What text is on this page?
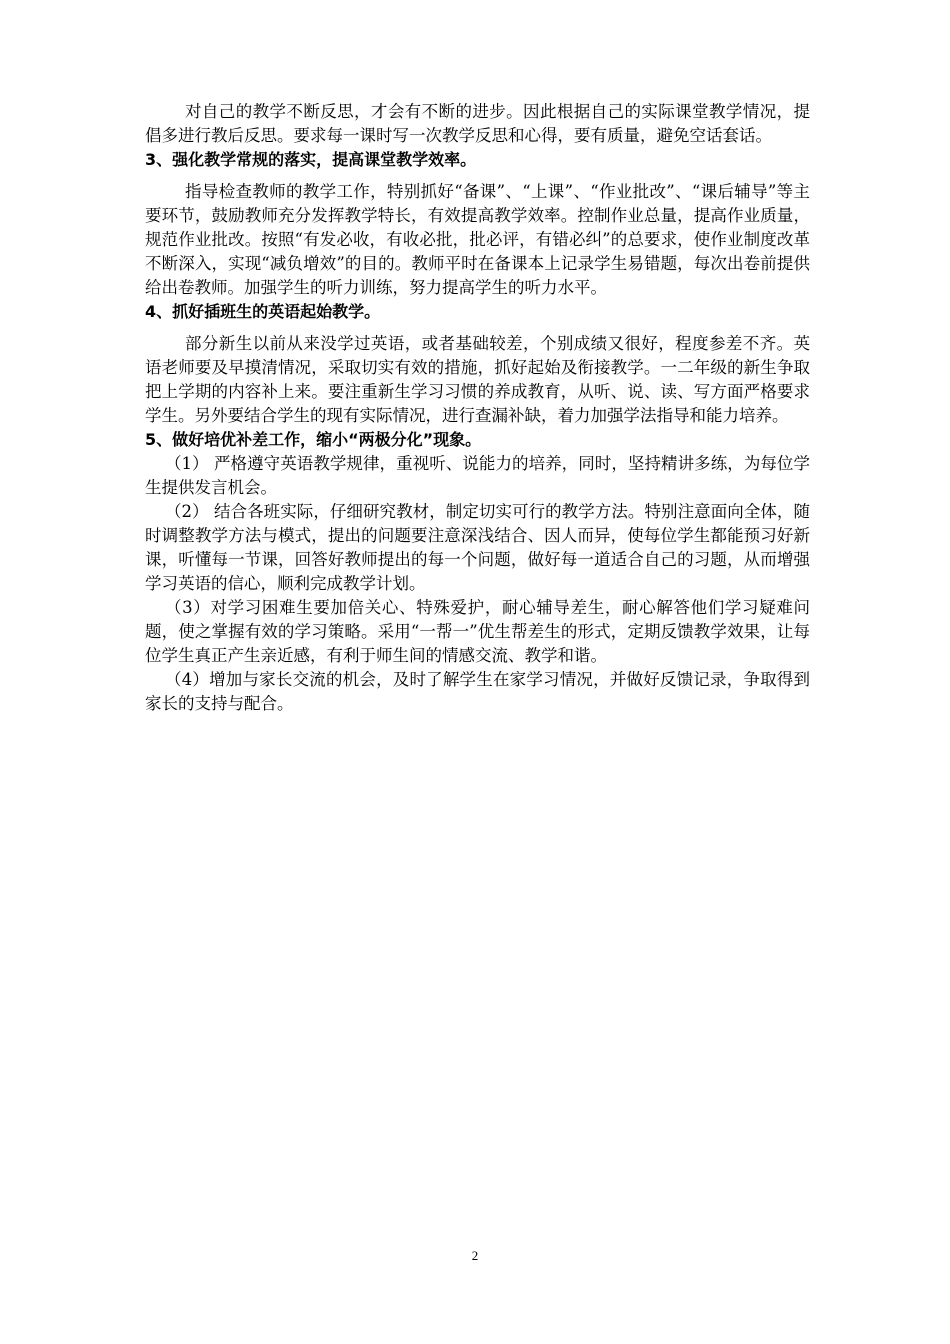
对自己的教学不断反思，才会有不断的进步。因此根据自己的实际课堂教学情况，提倡多进行教后反思。要求每一课时写一次教学反思和心得，要有质量，避免空话套话。

3、强化教学常规的落实，提高课堂教学效率。

指导检查教师的教学工作，特别抓好“备课”、“上课”、“作业批改”、“课后辅导”等主要环节，鼓励教师充分发挥教学特长，有效提高教学效率。控制作业总量，提高作业质量，规范作业批改。按照“有发必收，有收必批，批必评，有错必纠”的总要求，使作业制度改革不断深入，实现“减负增效”的目的。教师平时在备课本上记录学生易错题，每次出卷前提供给出卷教师。加强学生的听力训练，努力提高学生的听力水平。

4、抓好插班生的英语起始教学。

部分新生以前从来没学过英语，或者基础较差，个别成绩又很好，程度参差不齐。英语老师要及早摸清情况，采取切实有效的措施，抓好起始及衔接教学。一二年级的新生争取把上学期的内容补上来。要注重新生学习习惯的养成教育，从听、说、读、写方面严格要求学生。另外要结合学生的现有实际情况，进行查漏补缺，着力加强学法指导和能力培养。

5、做好培优补差工作，缩小“两极分化”现象。

（1） 严格遵守英语教学规律，重视听、说能力的培养，同时，坚持精讲多练，为每位学生提供发言机会。

（2） 结合各班实际，仔细研究教材，制定切实可行的教学方法。特别注意面向全体，随时调整教学方法与模式，提出的问题要注意深浅结合、因人而异，使每位学生都能预习好新课，听懂每一节课，回答好教师提出的每一个问题，做好每一道适合自己的习题，从而增强学习英语的信心，顺利完成教学计划。

（3）对学习困难生要加倍关心、特殊爱护，耐心辅导差生，耐心解答他们学习疑难问题，使之掌握有效的学习策略。采用“一帮一”优生帮差生的形式，定期反馈教学效果，让每位学生真正产生亲近感，有利于师生间的情感交流、教学和谐。

（4）增加与家长交流的机会，及时了解学生在家学习情况，并做好反馈记录，争取得到家长的支持与配合。

2
